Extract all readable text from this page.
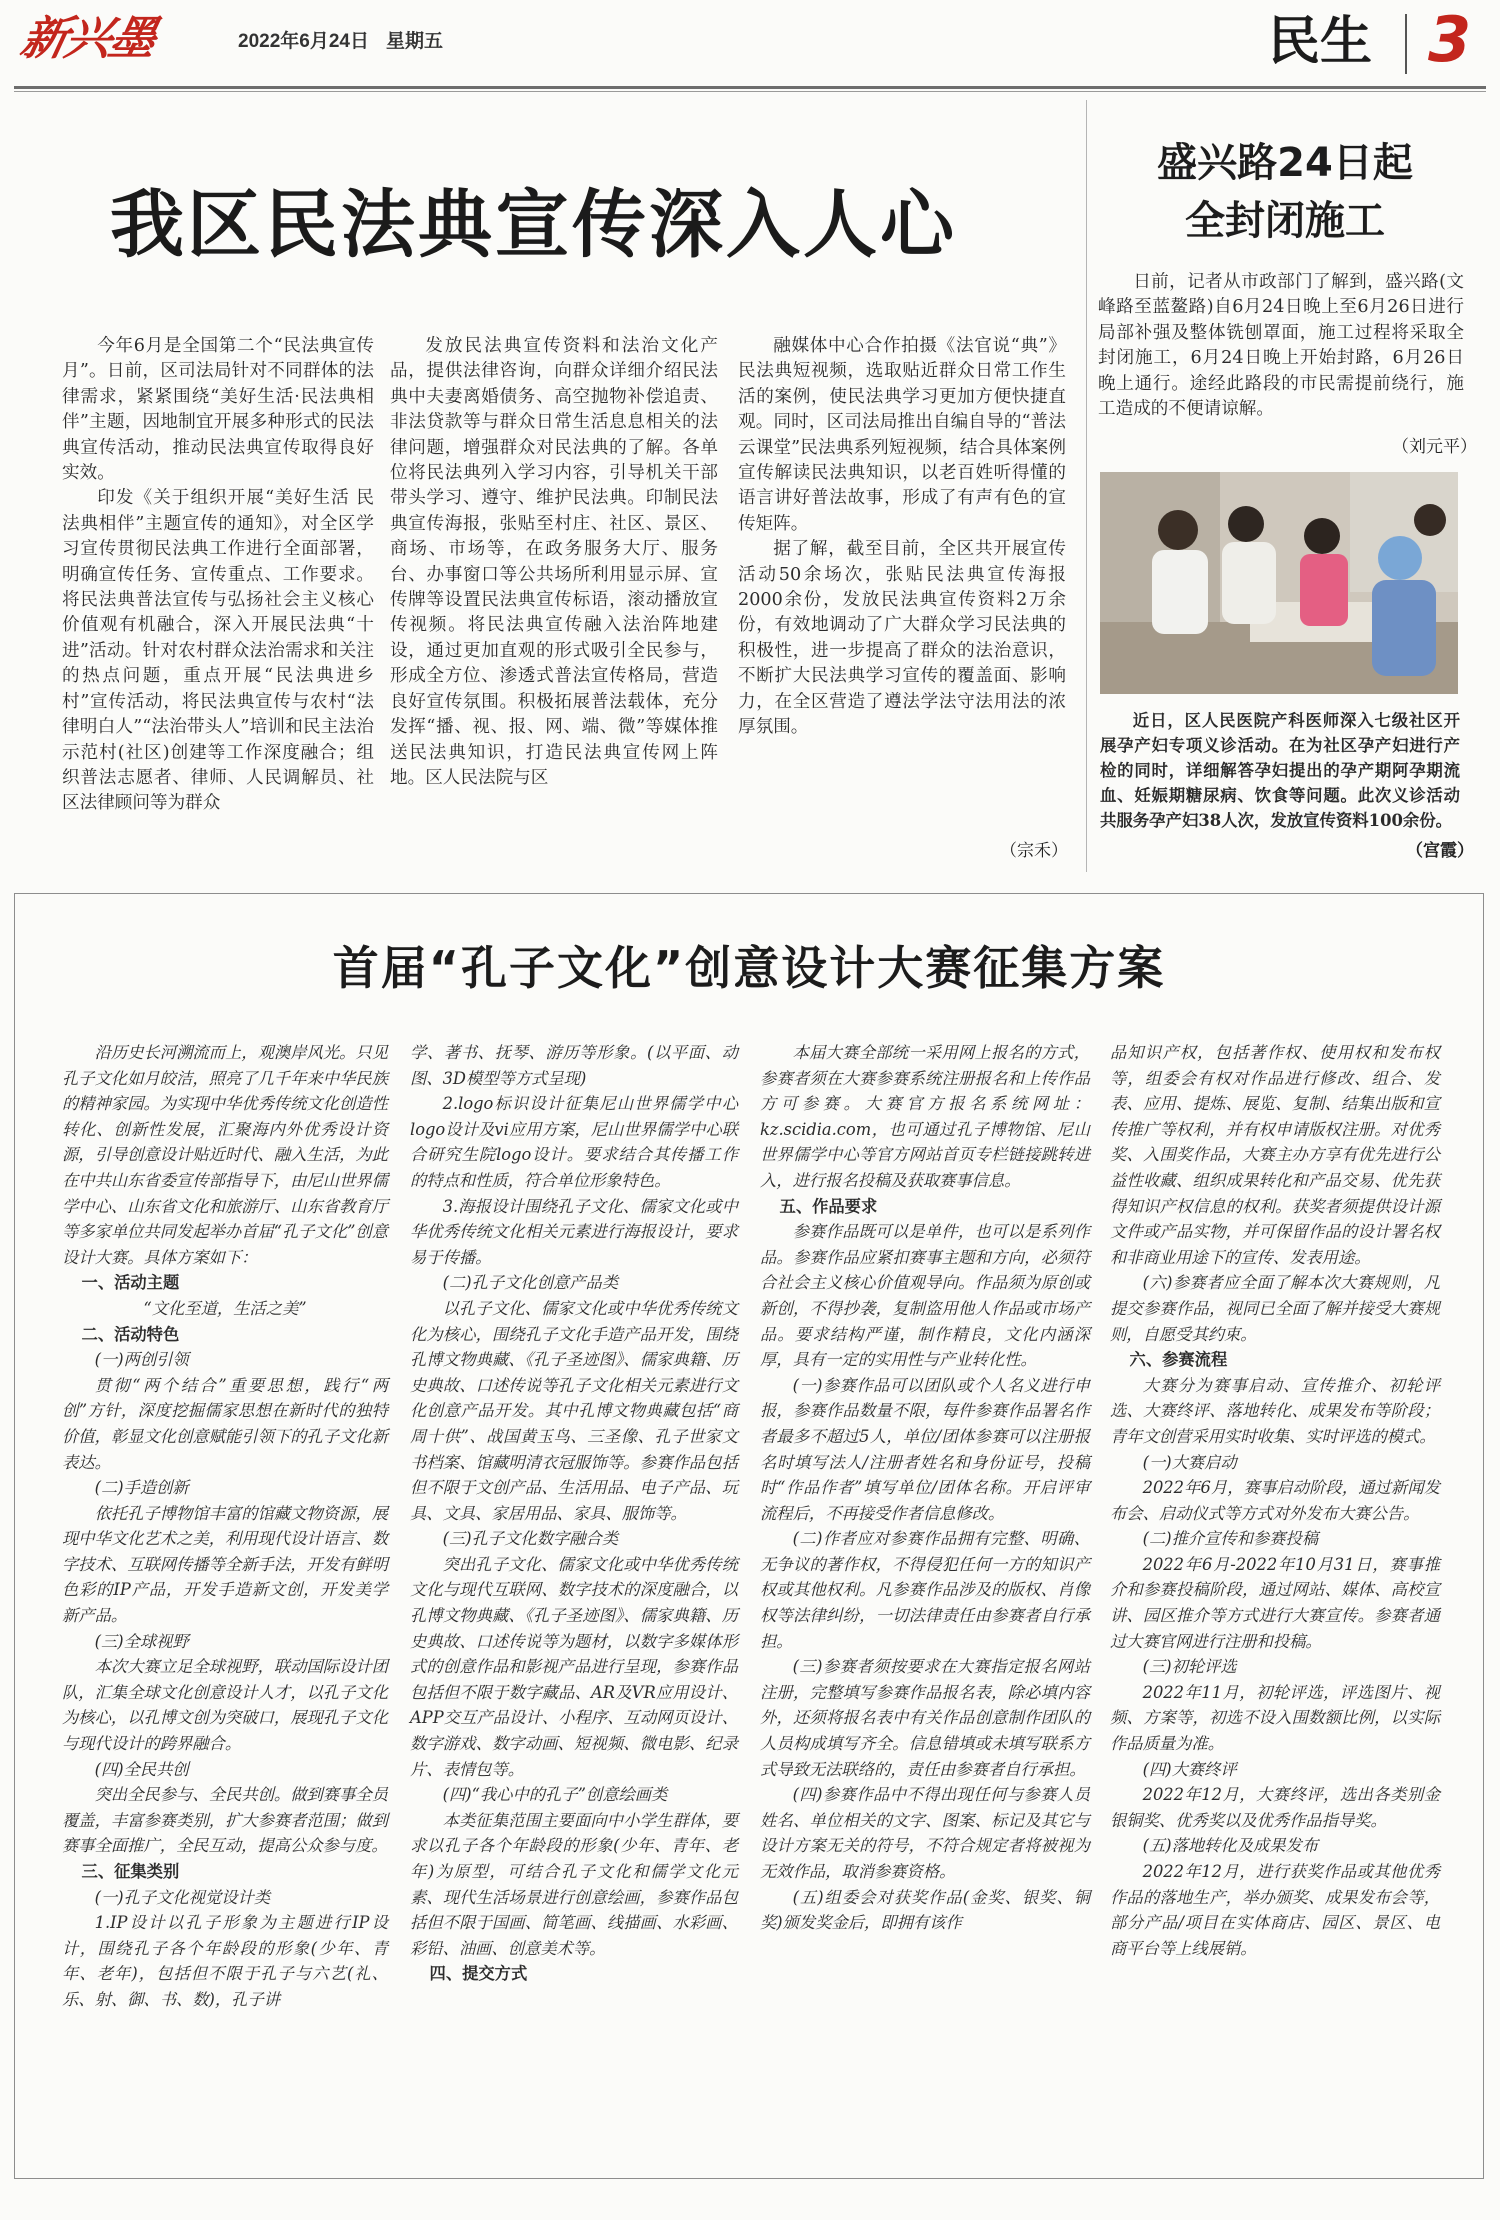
新兴墨	2022年6月24日 星期五	民生 3
我区民法典宣传深入人心

今年6月是全国第二个“民法典宣传月”。日前，区司法局针对不同群体的法律需求，紧紧围绕“美好生活·民法典相伴”主题，因地制宜开展多种形式的民法典宣传活动，推动民法典宣传取得良好实效。

印发《关于组织开展“美好生活 民法典相伴”主题宣传的通知》，对全区学习宣传贯彻民法典工作进行全面部署，明确宣传任务、宣传重点、工作要求。将民法典普法宣传与弘扬社会主义核心价值观有机融合，深入开展民法典“十进”活动。针对农村群众法治需求和关注的热点问题，重点开展“民法典进乡村”宣传活动，将民法典宣传与农村“法律明白人”“法治带头人”培训和民主法治示范村(社区)创建等工作深度融合；组织普法志愿者、律师、人民调解员、社区法律顾问等为群众

发放民法典宣传资料和法治文化产品，提供法律咨询，向群众详细介绍民法典中夫妻离婚债务、高空抛物补偿追责、非法贷款等与群众日常生活息息相关的法律问题，增强群众对民法典的了解。各单位将民法典列入学习内容，引导机关干部带头学习、遵守、维护民法典。印制民法典宣传海报，张贴至村庄、社区、景区、商场、市场等，在政务服务大厅、服务台、办事窗口等公共场所利用显示屏、宣传牌等设置民法典宣传标语，滚动播放宣传视频。将民法典宣传融入法治阵地建设，通过更加直观的形式吸引全民参与，形成全方位、渗透式普法宣传格局，营造良好宣传氛围。积极拓展普法载体，充分发挥“播、视、报、网、端、微”等媒体推送民法典知识，打造民法典宣传网上阵地。区人民法院与区

融媒体中心合作拍摄《法官说“典”》民法典短视频，选取贴近群众日常工作生活的案例，使民法典学习更加方便快捷直观。同时，区司法局推出自编自导的“普法云课堂”民法典系列短视频，结合具体案例宣传解读民法典知识，以老百姓听得懂的语言讲好普法故事，形成了有声有色的宣传矩阵。

据了解，截至目前，全区共开展宣传活动50余场次，张贴民法典宣传海报2000余份，发放民法典宣传资料2万余份，有效地调动了广大群众学习民法典的积极性，进一步提高了群众的法治意识，不断扩大民法典学习宣传的覆盖面、影响力，在全区营造了遵法学法守法用法的浓厚氛围。

（宗禾）
盛兴路24日起
全封闭施工

日前，记者从市政部门了解到，盛兴路(文峰路至蓝鳌路)自6月24日晚上至6月26日进行局部补强及整体铣刨罩面，施工过程将采取全封闭施工，6月24日晚上开始封路，6月26日晚上通行。途经此路段的市民需提前绕行，施工造成的不便请谅解。

（刘元平）

近日，区人民医院产科医师深入七级社区开展孕产妇专项义诊活动。在为社区孕产妇进行产检的同时，详细解答孕妇提出的孕产期阿孕期流血、妊娠期糖尿病、饮食等问题。此次义诊活动共服务孕产妇38人次，发放宣传资料100余份。

（宫霞）
首届“孔子文化”创意设计大赛征集方案

沿历史长河溯流而上，观澳岸风光。只见孔子文化如月皎洁，照亮了几千年来中华民族的精神家园。为实现中华优秀传统文化创造性转化、创新性发展，汇聚海内外优秀设计资源，引导创意设计贴近时代、融入生活，为此在中共山东省委宣传部指导下，由尼山世界儒学中心、山东省文化和旅游厅、山东省教育厅等多家单位共同发起举办首届“孔子文化”创意设计大赛。具体方案如下：

一、活动主题

“文化至道，生活之美”

二、活动特色

(一)两创引领

贯彻“两个结合”重要思想，践行“两创”方针，深度挖掘儒家思想在新时代的独特价值，彰显文化创意赋能引领下的孔子文化新表达。

(二)手造创新

依托孔子博物馆丰富的馆藏文物资源，展现中华文化艺术之美，利用现代设计语言、数字技术、互联网传播等全新手法，开发有鲜明色彩的IP产品，开发手造新文创，开发美学新产品。

(三)全球视野

本次大赛立足全球视野，联动国际设计团队，汇集全球文化创意设计人才，以孔子文化为核心，以孔博文创为突破口，展现孔子文化与现代设计的跨界融合。

(四)全民共创

突出全民参与、全民共创。做到赛事全员覆盖，丰富参赛类别，扩大参赛者范围；做到赛事全面推广，全民互动，提高公众参与度。

三、征集类别

(一)孔子文化视觉设计类

1.IP设计以孔子形象为主题进行IP设计，围绕孔子各个年龄段的形象(少年、青年、老年)，包括但不限于孔子与六艺(礼、乐、射、御、书、数)，孔子讲

学、著书、抚琴、游历等形象。(以平面、动图、3D模型等方式呈现)

2.logo标识设计征集尼山世界儒学中心logo设计及vi应用方案，尼山世界儒学中心联合研究生院logo设计。要求结合其传播工作的特点和性质，符合单位形象特色。

3.海报设计围绕孔子文化、儒家文化或中华优秀传统文化相关元素进行海报设计，要求易于传播。

(二)孔子文化创意产品类

以孔子文化、儒家文化或中华优秀传统文化为核心，围绕孔子文化手造产品开发，围绕孔博文物典藏、《孔子圣迹图》、儒家典籍、历史典故、口述传说等孔子文化相关元素进行文化创意产品开发。其中孔博文物典藏包括“商周十供”、战国黄玉鸟、三圣像、孔子世家文书档案、馆藏明清衣冠服饰等。参赛作品包括但不限于文创产品、生活用品、电子产品、玩具、文具、家居用品、家具、服饰等。

(三)孔子文化数字融合类

突出孔子文化、儒家文化或中华优秀传统文化与现代互联网、数字技术的深度融合，以孔博文物典藏、《孔子圣迹图》、儒家典籍、历史典故、口述传说等为题材，以数字多媒体形式的创意作品和影视产品进行呈现，参赛作品包括但不限于数字藏品、AR及VR应用设计、APP交互产品设计、小程序、互动网页设计、数字游戏、数字动画、短视频、微电影、纪录片、表情包等。

(四)“我心中的孔子”创意绘画类

本类征集范围主要面向中小学生群体，要求以孔子各个年龄段的形象(少年、青年、老年)为原型，可结合孔子文化和儒学文化元素、现代生活场景进行创意绘画，参赛作品包括但不限于国画、简笔画、线描画、水彩画、彩铅、油画、创意美术等。

四、提交方式

本届大赛全部统一采用网上报名的方式，参赛者须在大赛参赛系统注册报名和上传作品方可参赛。大赛官方报名系统网址：kz.scidia.com，也可通过孔子博物馆、尼山世界儒学中心等官方网站首页专栏链接跳转进入，进行报名投稿及获取赛事信息。

五、作品要求

参赛作品既可以是单件，也可以是系列作品。参赛作品应紧扣赛事主题和方向，必须符合社会主义核心价值观导向。作品须为原创或新创，不得抄袭，复制盗用他人作品或市场产品。要求结构严谨，制作精良，文化内涵深厚，具有一定的实用性与产业转化性。

(一)参赛作品可以团队或个人名义进行申报，参赛作品数量不限，每件参赛作品署名作者最多不超过5人，单位/团体参赛可以注册报名时填写法人/注册者姓名和身份证号，投稿时“作品作者”填写单位/团体名称。开启评审流程后，不再接受作者信息修改。

(二)作者应对参赛作品拥有完整、明确、无争议的著作权，不得侵犯任何一方的知识产权或其他权利。凡参赛作品涉及的版权、肖像权等法律纠纷，一切法律责任由参赛者自行承担。

(三)参赛者须按要求在大赛指定报名网站注册，完整填写参赛作品报名表，除必填内容外，还须将报名表中有关作品创意制作团队的人员构成填写齐全。信息错填或未填写联系方式导致无法联络的，责任由参赛者自行承担。

(四)参赛作品中不得出现任何与参赛人员姓名、单位相关的文字、图案、标记及其它与设计方案无关的符号，不符合规定者将被视为无效作品，取消参赛资格。

(五)组委会对获奖作品(金奖、银奖、铜奖)颁发奖金后，即拥有该作

品知识产权，包括著作权、使用权和发布权等，组委会有权对作品进行修改、组合、发表、应用、提炼、展览、复制、结集出版和宣传推广等权利，并有权申请版权注册。对优秀奖、入围奖作品，大赛主办方享有优先进行公益性收藏、组织成果转化和产品交易、优先获得知识产权信息的权利。获奖者须提供设计源文件或产品实物，并可保留作品的设计署名权和非商业用途下的宣传、发表用途。

(六)参赛者应全面了解本次大赛规则，凡提交参赛作品，视同已全面了解并接受大赛规则，自愿受其约束。

六、参赛流程

大赛分为赛事启动、宣传推介、初轮评选、大赛终评、落地转化、成果发布等阶段；青年文创营采用实时收集、实时评选的模式。

(一)大赛启动

2022年6月，赛事启动阶段，通过新闻发布会、启动仪式等方式对外发布大赛公告。

(二)推介宣传和参赛投稿

2022年6月-2022年10月31日，赛事推介和参赛投稿阶段，通过网站、媒体、高校宣讲、园区推介等方式进行大赛宣传。参赛者通过大赛官网进行注册和投稿。

(三)初轮评选

2022年11月，初轮评选，评选图片、视频、方案等，初选不设入围数额比例，以实际作品质量为准。

(四)大赛终评

2022年12月，大赛终评，选出各类别金银铜奖、优秀奖以及优秀作品指导奖。

(五)落地转化及成果发布

2022年12月，进行获奖作品或其他优秀作品的落地生产，举办颁奖、成果发布会等，部分产品/项目在实体商店、园区、景区、电商平台等上线展销。
